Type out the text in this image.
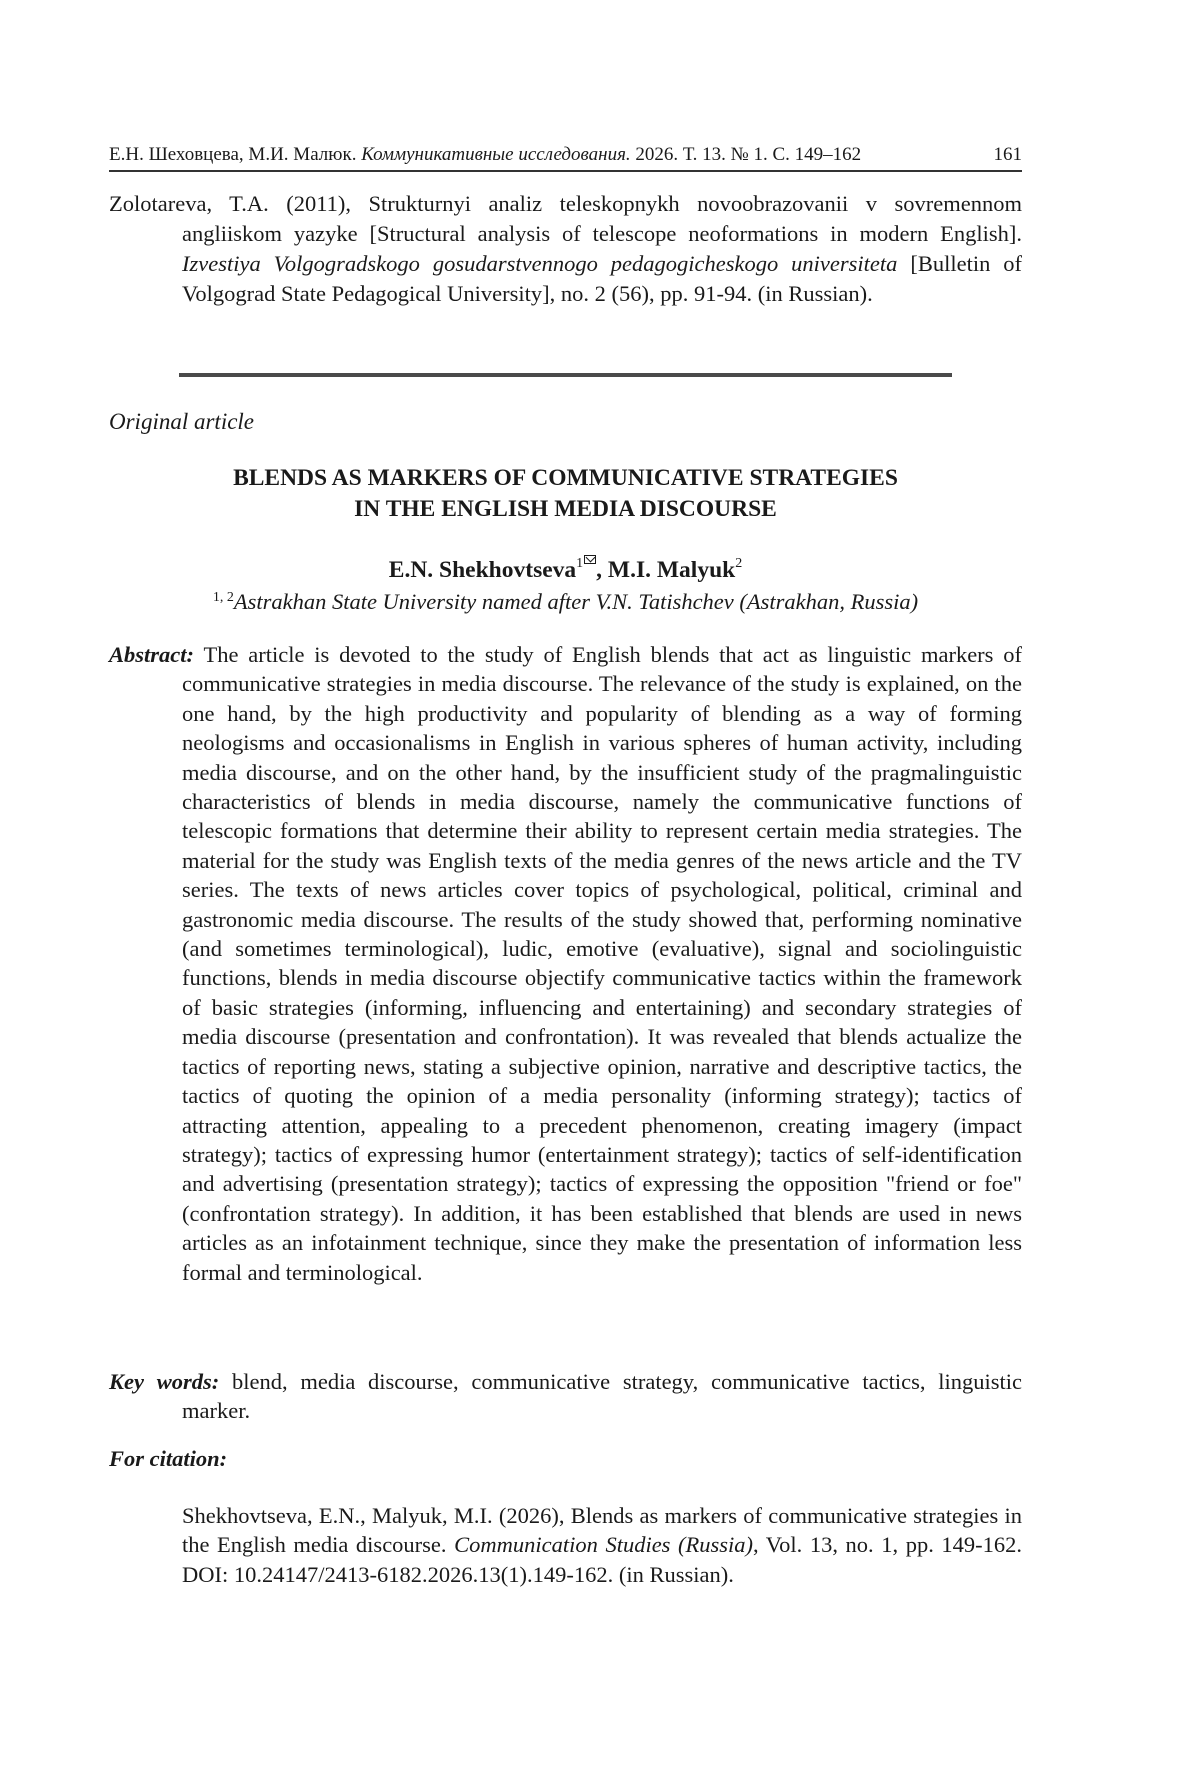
Е.Н. Шеховцева, М.И. Малюк. Коммуникативные исследования. 2026. Т. 13. № 1. С. 149–162	161
Zolotareva, T.A. (2011), Strukturnyi analiz teleskopnykh novoobrazovanii v sovremennom angliiskom yazyke [Structural analysis of telescope neoformations in modern English]. Izvestiya Volgogradskogo gosudarstvennogo pedagogicheskogo universiteta [Bulletin of Volgograd State Pedagogical University], no. 2 (56), pp. 91-94. (in Russian).
Original article
BLENDS AS MARKERS OF COMMUNICATIVE STRATEGIES
IN THE ENGLISH MEDIA DISCOURSE
E.N. Shekhovtseva$^1$ , M.I. Malyuk$^2$
$^{1, 2}$Astrakhan State University named after V.N. Tatishchev (Astrakhan, Russia)
Abstract: The article is devoted to the study of English blends that act as linguistic markers of communicative strategies in media discourse. The relevance of the study is explained, on the one hand, by the high productivity and popularity of blending as a way of forming neologisms and occasionalisms in English in various spheres of human activity, including media discourse, and on the other hand, by the insufficient study of the pragmalinguistic characteristics of blends in media discourse, namely the communicative functions of telescopic formations that determine their ability to represent certain media strategies. The material for the study was English texts of the media genres of the news article and the TV series. The texts of news articles cover topics of psychological, political, criminal and gastronomic media discourse. The results of the study showed that, performing nominative (and sometimes terminological), ludic, emotive (evaluative), signal and sociolinguistic functions, blends in media discourse objectify communicative tactics within the framework of basic strategies (informing, influencing and entertaining) and secondary strategies of media discourse (presentation and confrontation). It was revealed that blends actualize the tactics of reporting news, stating a subjective opinion, narrative and descriptive tactics, the tactics of quoting the opinion of a media personality (informing strategy); tactics of attracting attention, appealing to a precedent phenomenon, creating imagery (impact strategy); tactics of expressing humor (entertainment strategy); tactics of self-identification and advertising (presentation strategy); tactics of expressing the opposition "friend or foe" (confrontation strategy). In addition, it has been established that blends are used in news articles as an infotainment technique, since they make the presentation of information less formal and terminological.
Key words: blend, media discourse, communicative strategy, communicative tactics, linguistic marker.
For citation:
Shekhovtseva, E.N., Malyuk, M.I. (2026), Blends as markers of communicative strategies in the English media discourse. Communication Studies (Russia), Vol. 13, no. 1, pp. 149-162. DOI: 10.24147/2413-6182.2026.13(1).149-162. (in Russian).
